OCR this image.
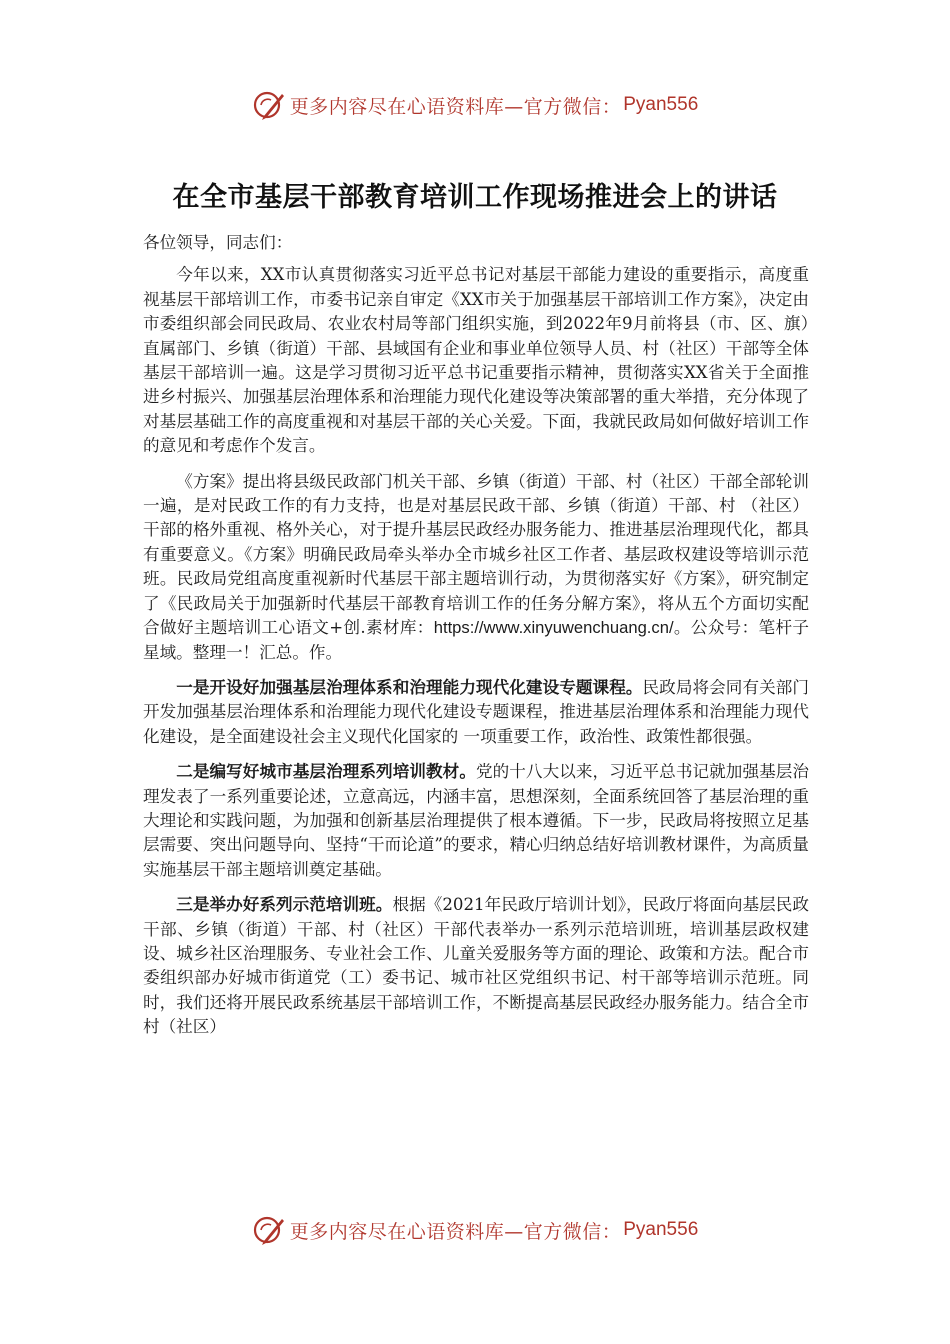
更多内容尽在心语资料库—官方微信： Pyan556
在全市基层干部教育培训工作现场推进会上的讲话

各位领导，同志们：

今年以来，XX市认真贯彻落实习近平总书记对基层干部能力建设的重要指示，高度重视基层干部培训工作，市委书记亲自审定《XX市关于加强基层干部培训工作方案》，决定由市委组织部会同民政局、农业农村局等部门组织实施，到2022年9月前将县（市、区、旗）直属部门、乡镇（街道）干部、县域国有企业和事业单位领导人员、村（社区）干部等全体基层干部培训一遍。这是学习贯彻习近平总书记重要指示精神，贯彻落实XX省关于全面推进乡村振兴、加强基层治理体系和治理能力现代化建设等决策部署的重大举措，充分体现了对基层基础工作的高度重视和对基层干部的关心关爱。下面，我就民政局如何做好培训工作的意见和考虑作个发言。

《方案》提出将县级民政部门机关干部、乡镇（街道）干部、村（社区）干部全部轮训一遍，是对民政工作的有力支持，也是对基层民政干部、乡镇（街道）干部、村 （社区）干部的格外重视、格外关心，对于提升基层民政经办服务能力、推进基层治理现代化，都具有重要意义。《方案》明确民政局牵头举办全市城乡社区工作者、基层政权建设等培训示范班。民政局党组高度重视新时代基层干部主题培训行动，为贯彻落实好《方案》，研究制定了《民政局关于加强新时代基层干部教育培训工作的任务分解方案》，将从五个方面切实配合做好主题培训工心语文+创.素材库：https://www.xinyuwenchuang.cn/。公众号：笔杆子星域。整理一！汇总。作。

一是开设好加强基层治理体系和治理能力现代化建设专题课程。民政局将会同有关部门开发加强基层治理体系和治理能力现代化建设专题课程，推进基层治理体系和治理能力现代化建设，是全面建设社会主义现代化国家的 一项重要工作，政治性、政策性都很强。

二是编写好城市基层治理系列培训教材。党的十八大以来，习近平总书记就加强基层治理发表了一系列重要论述，立意高远，内涵丰富，思想深刻，全面系统回答了基层治理的重大理论和实践问题，为加强和创新基层治理提供了根本遵循。下一步，民政局将按照立足基层需要、突出问题导向、坚持“干而论道”的要求，精心归纳总结好培训教材课件，为高质量实施基层干部主题培训奠定基础。

三是举办好系列示范培训班。根据《2021年民政厅培训计划》，民政厅将面向基层民政干部、乡镇（街道）干部、村（社区）干部代表举办一系列示范培训班，培训基层政权建设、城乡社区治理服务、专业社会工作、儿童关爱服务等方面的理论、政策和方法。配合市委组织部办好城市街道党（工）委书记、城市社区党组织书记、村干部等培训示范班。同时，我们还将开展民政系统基层干部培训工作，不断提高基层民政经办服务能力。结合全市村（社区）

更多内容尽在心语资料库—官方微信： Pyan556
